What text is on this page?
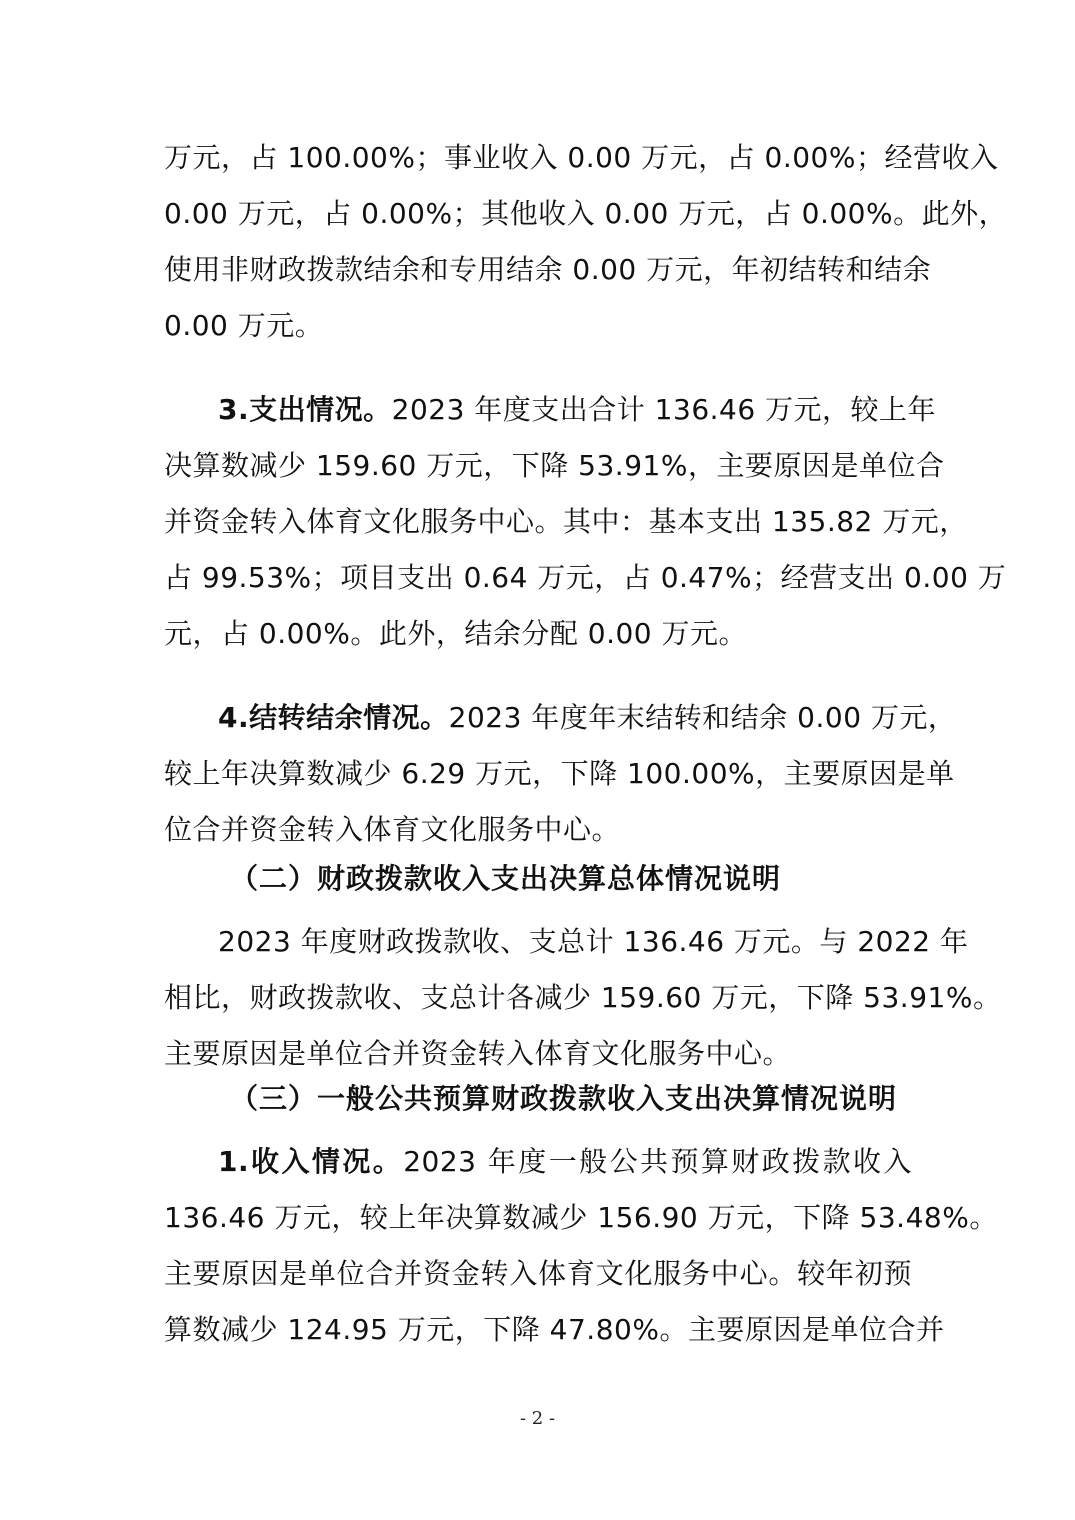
万元，占 100.00%；事业收入 0.00 万元，占 0.00%；经营收入
0.00 万元，占 0.00%；其他收入 0.00 万元，占 0.00%。此外，
使用非财政拨款结余和专用结余 0.00 万元，年初结转和结余
0.00 万元。
3.支出情况。2023 年度支出合计 136.46 万元，较上年
决算数减少 159.60 万元，下降 53.91%，主要原因是单位合
并资金转入体育文化服务中心。其中：基本支出 135.82 万元，
占 99.53%；项目支出 0.64 万元，占 0.47%；经营支出 0.00 万
元，占 0.00%。此外，结余分配 0.00 万元。
4.结转结余情况。2023 年度年末结转和结余 0.00 万元，
较上年决算数减少 6.29 万元，下降 100.00%，主要原因是单
位合并资金转入体育文化服务中心。
（二）财政拨款收入支出决算总体情况说明
2023 年度财政拨款收、支总计 136.46 万元。与 2022 年
相比，财政拨款收、支总计各减少 159.60 万元，下降 53.91%。
主要原因是单位合并资金转入体育文化服务中心。
（三）一般公共预算财政拨款收入支出决算情况说明
1.收入情况。2023 年度一般公共预算财政拨款收入
136.46 万元，较上年决算数减少 156.90 万元，下降 53.48%。
主要原因是单位合并资金转入体育文化服务中心。较年初预
算数减少 124.95 万元，下降 47.80%。主要原因是单位合并
- 2 -
